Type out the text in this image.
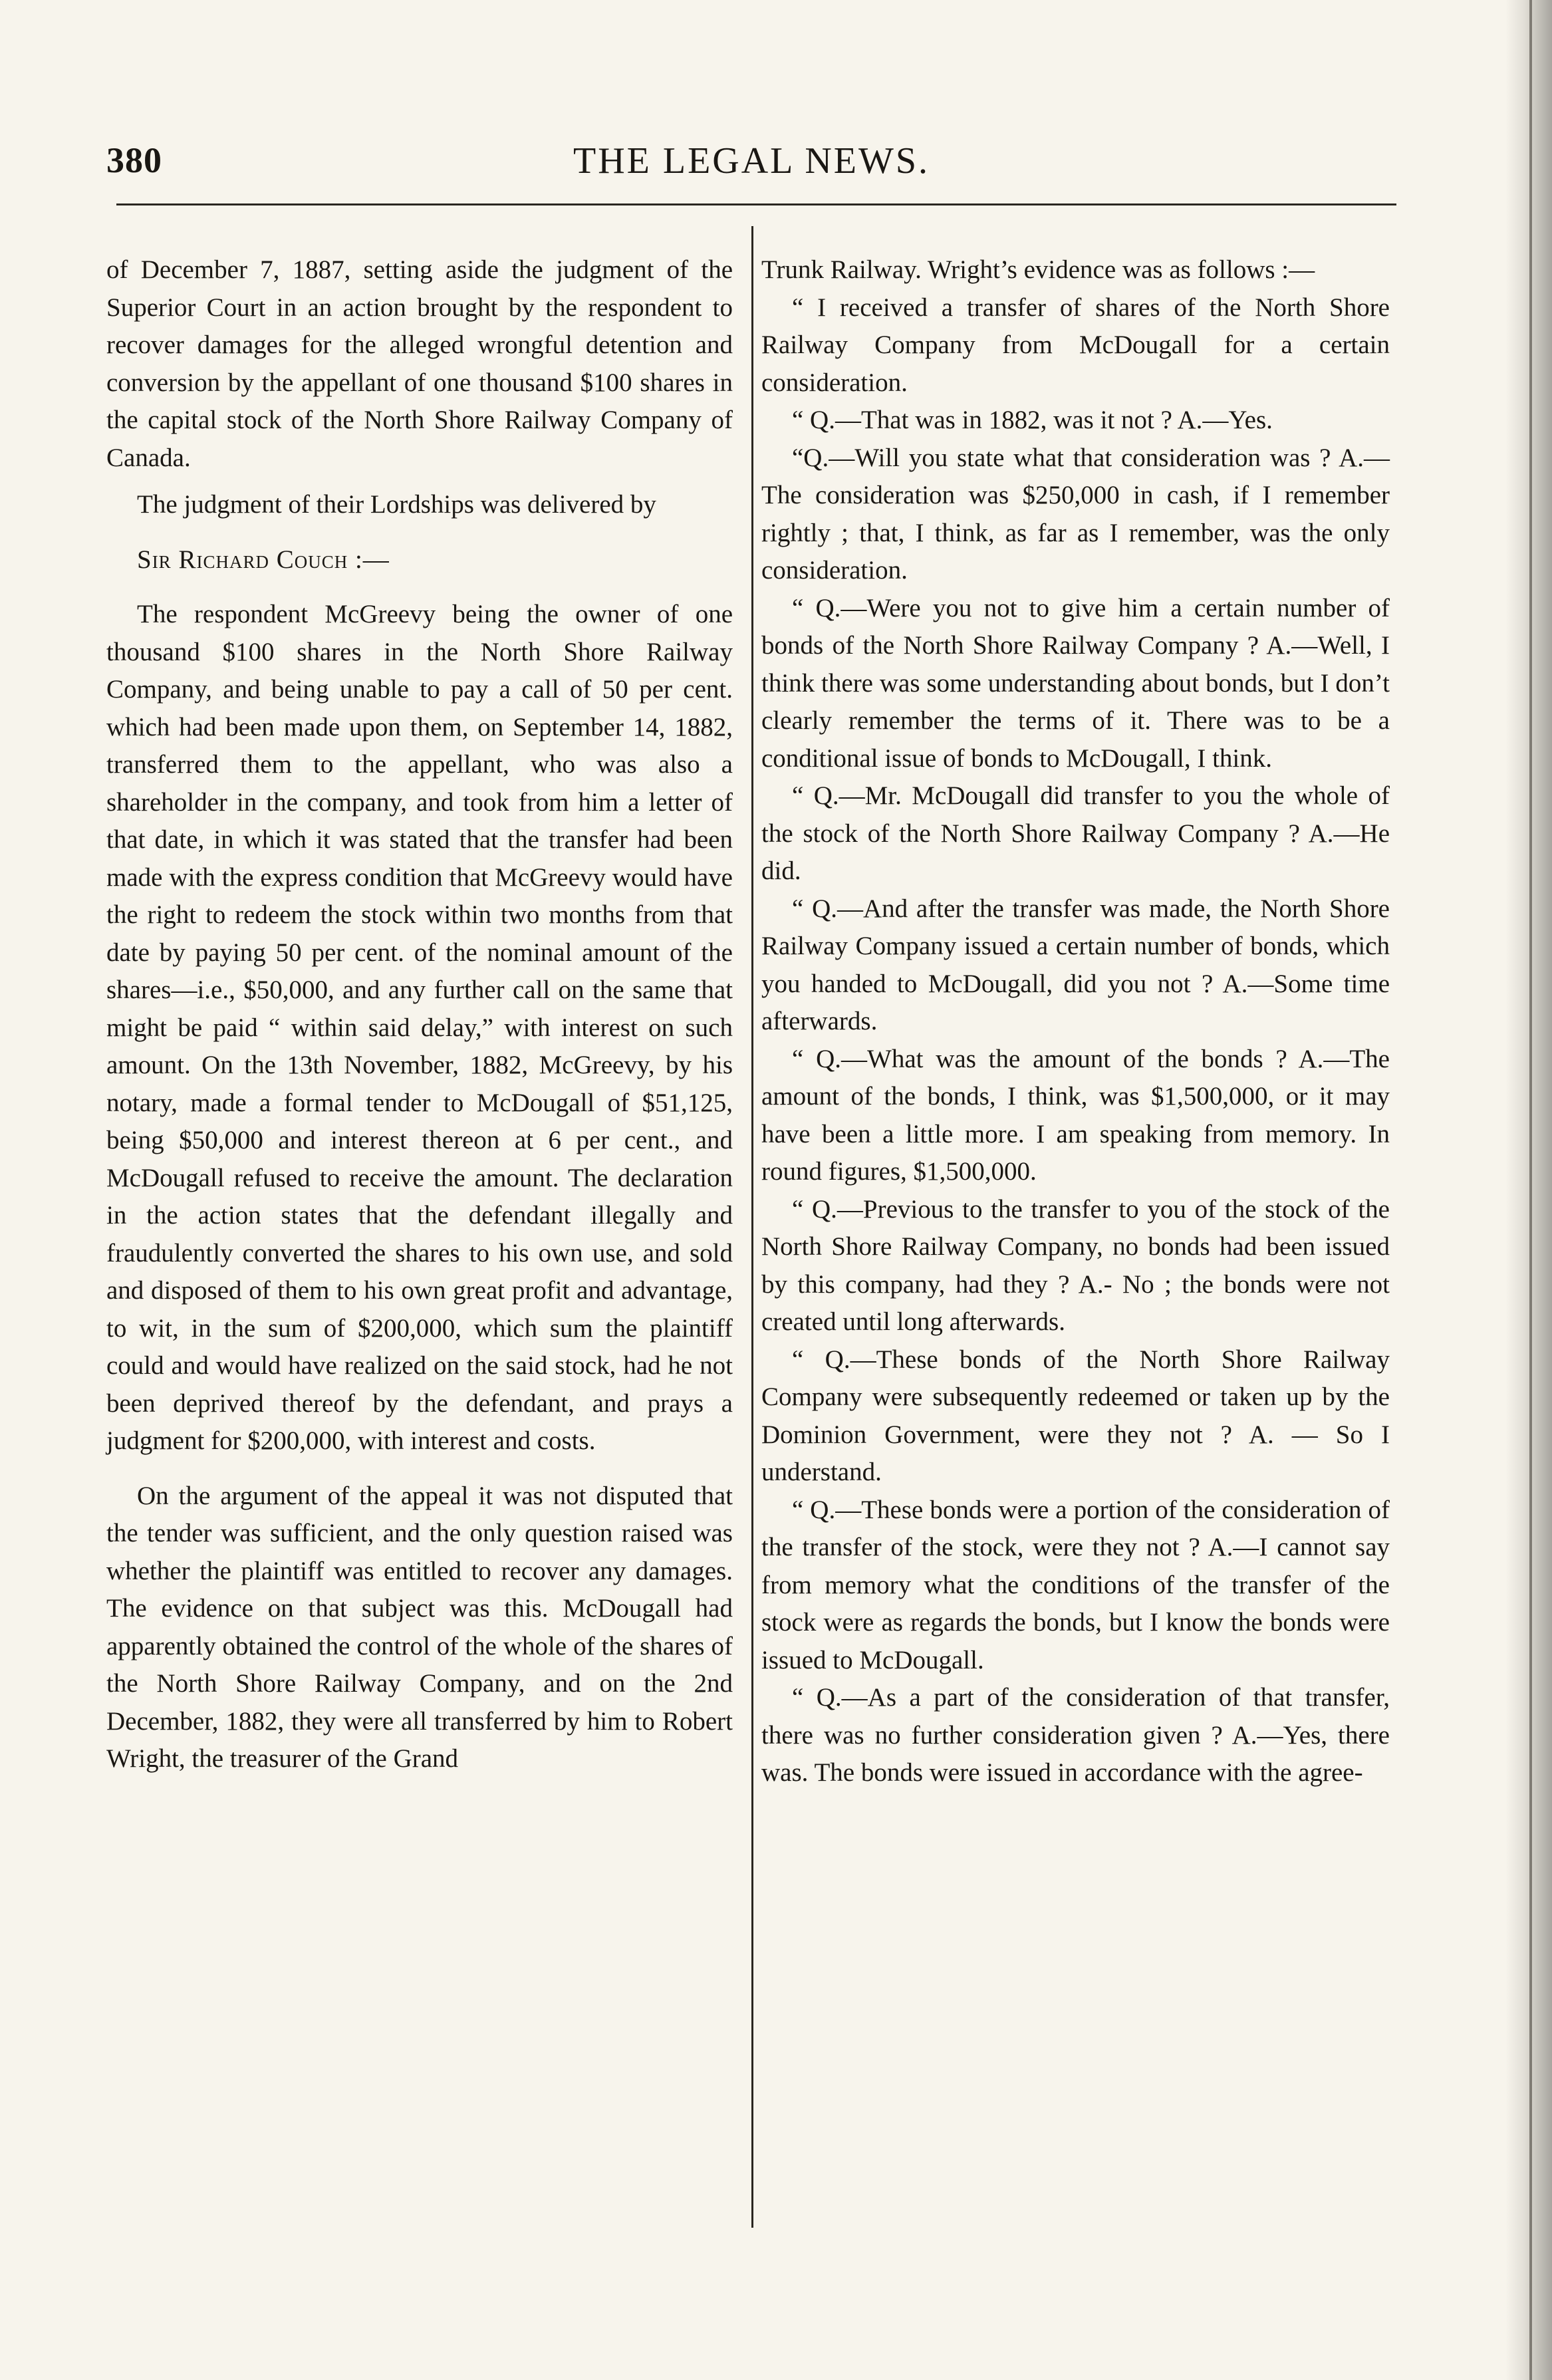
380	THE LEGAL NEWS.

of December 7, 1887, setting aside the judgment of the Superior Court in an action brought by the respondent to recover damages for the alleged wrongful detention and conversion by the appellant of one thousand $100 shares in the capital stock of the North Shore Railway Company of Canada.

The judgment of their Lordships was delivered by

Sir Richard Couch :—

The respondent McGreevy being the owner of one thousand $100 shares in the North Shore Railway Company, and being unable to pay a call of 50 per cent. which had been made upon them, on September 14, 1882, transferred them to the appellant, who was also a shareholder in the company, and took from him a letter of that date, in which it was stated that the transfer had been made with the express condition that McGreevy would have the right to redeem the stock within two months from that date by paying 50 per cent. of the nominal amount of the shares—i.e., $50,000, and any further call on the same that might be paid “ within said delay,” with interest on such amount. On the 13th November, 1882, McGreevy, by his notary, made a formal tender to McDougall of $51,125, being $50,000 and interest thereon at 6 per cent., and McDougall refused to receive the amount. The declaration in the action states that the defendant illegally and fraudulently converted the shares to his own use, and sold and disposed of them to his own great profit and advantage, to wit, in the sum of $200,000, which sum the plaintiff could and would have realized on the said stock, had he not been deprived thereof by the defendant, and prays a judgment for $200,000, with interest and costs.

On the argument of the appeal it was not disputed that the tender was sufficient, and the only question raised was whether the plaintiff was entitled to recover any damages. The evidence on that subject was this. McDougall had apparently obtained the control of the whole of the shares of the North Shore Railway Company, and on the 2nd December, 1882, they were all transferred by him to Robert Wright, the treasurer of the Grand

Trunk Railway. Wright’s evidence was as follows :—

“ I received a transfer of shares of the North Shore Railway Company from McDougall for a certain consideration.

“ Q.—That was in 1882, was it not ? A.—Yes.

“Q.—Will you state what that consideration was ? A.—The consideration was $250,000 in cash, if I remember rightly ; that, I think, as far as I remember, was the only consideration.

“ Q.—Were you not to give him a certain number of bonds of the North Shore Railway Company ? A.—Well, I think there was some understanding about bonds, but I don’t clearly remember the terms of it. There was to be a conditional issue of bonds to McDougall, I think.

“ Q.—Mr. McDougall did transfer to you the whole of the stock of the North Shore Railway Company ? A.—He did.

“ Q.—And after the transfer was made, the North Shore Railway Company issued a certain number of bonds, which you handed to McDougall, did you not ? A.—Some time afterwards.

“ Q.—What was the amount of the bonds ? A.—The amount of the bonds, I think, was $1,500,000, or it may have been a little more. I am speaking from memory. In round figures, $1,500,000.

“ Q.—Previous to the transfer to you of the stock of the North Shore Railway Company, no bonds had been issued by this company, had they ? A.- No ; the bonds were not created until long afterwards.

“ Q.—These bonds of the North Shore Railway Company were subsequently redeemed or taken up by the Dominion Government, were they not ? A. — So I understand.

“ Q.—These bonds were a portion of the consideration of the transfer of the stock, were they not ? A.—I cannot say from memory what the conditions of the transfer of the stock were as regards the bonds, but I know the bonds were issued to McDougall.

“ Q.—As a part of the consideration of that transfer, there was no further consideration given ? A.—Yes, there was. The bonds were issued in accordance with the agree-
